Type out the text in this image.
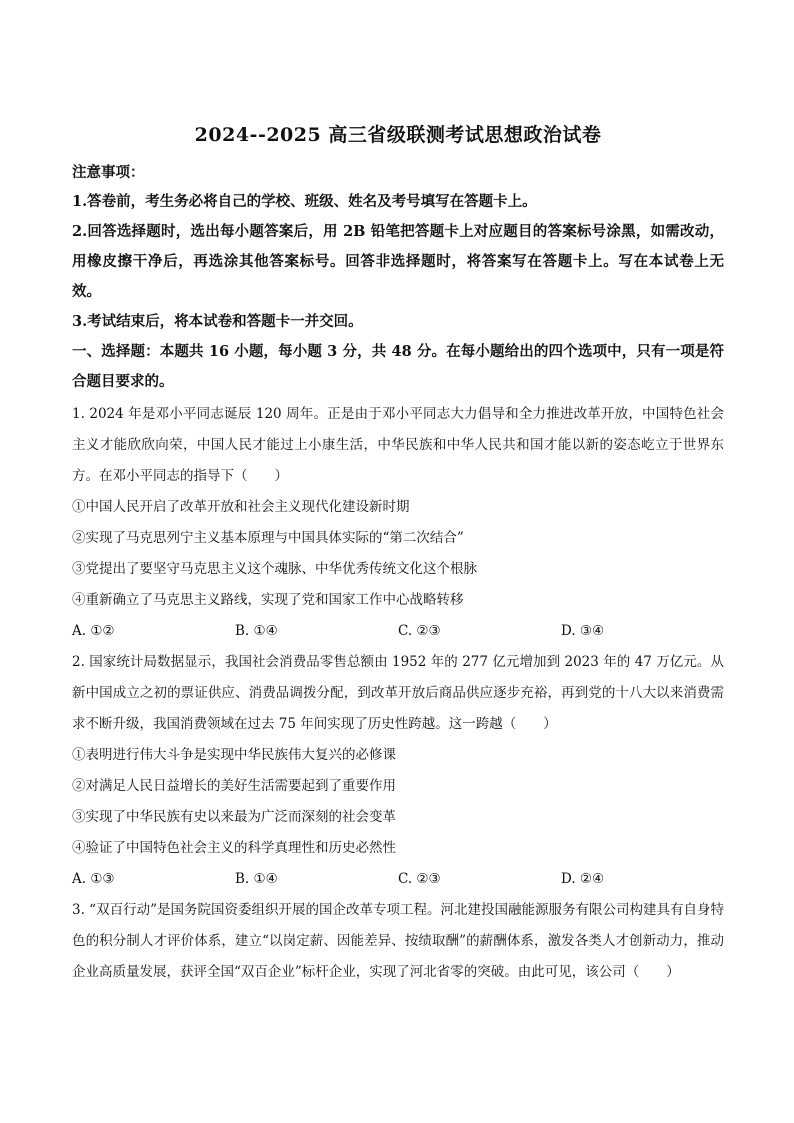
2024--2025 高三省级联测考试思想政治试卷
注意事项：
1.答卷前，考生务必将自己的学校、班级、姓名及考号填写在答题卡上。
2.回答选择题时，选出每小题答案后，用 2B 铅笔把答题卡上对应题目的答案标号涂黑，如需改动，用橡皮擦干净后，再选涂其他答案标号。回答非选择题时，将答案写在答题卡上。写在本试卷上无效。
3.考试结束后，将本试卷和答题卡一并交回。
一、选择题：本题共 16 小题，每小题 3 分，共 48 分。在每小题给出的四个选项中，只有一项是符合题目要求的。
1. 2024 年是邓小平同志诞辰 120 周年。正是由于邓小平同志大力倡导和全力推进改革开放，中国特色社会主义才能欣欣向荣，中国人民才能过上小康生活，中华民族和中华人民共和国才能以新的姿态屹立于世界东方。在邓小平同志的指导下（　　）
①中国人民开启了改革开放和社会主义现代化建设新时期
②实现了马克思列宁主义基本原理与中国具体实际的“第二次结合”
③党提出了要坚守马克思主义这个魂脉、中华优秀传统文化这个根脉
④重新确立了马克思主义路线，实现了党和国家工作中心战略转移
A. ①②	B. ①④	C. ②③	D. ③④
2. 国家统计局数据显示，我国社会消费品零售总额由 1952 年的 277 亿元增加到 2023 年的 47 万亿元。从新中国成立之初的票证供应、消费品调拨分配，到改革开放后商品供应逐步充裕，再到党的十八大以来消费需求不断升级，我国消费领域在过去 75 年间实现了历史性跨越。这一跨越（　　）
①表明进行伟大斗争是实现中华民族伟大复兴的必修课
②对满足人民日益增长的美好生活需要起到了重要作用
③实现了中华民族有史以来最为广泛而深刻的社会变革
④验证了中国特色社会主义的科学真理性和历史必然性
A. ①③	B. ①④	C. ②③	D. ②④
3. “双百行动”是国务院国资委组织开展的国企改革专项工程。河北建投国融能源服务有限公司构建具有自身特色的积分制人才评价体系，建立“以岗定薪、因能差异、按绩取酬”的薪酬体系，激发各类人才创新动力，推动企业高质量发展，获评全国“双百企业”标杆企业，实现了河北省零的突破。由此可见，该公司（　　）
